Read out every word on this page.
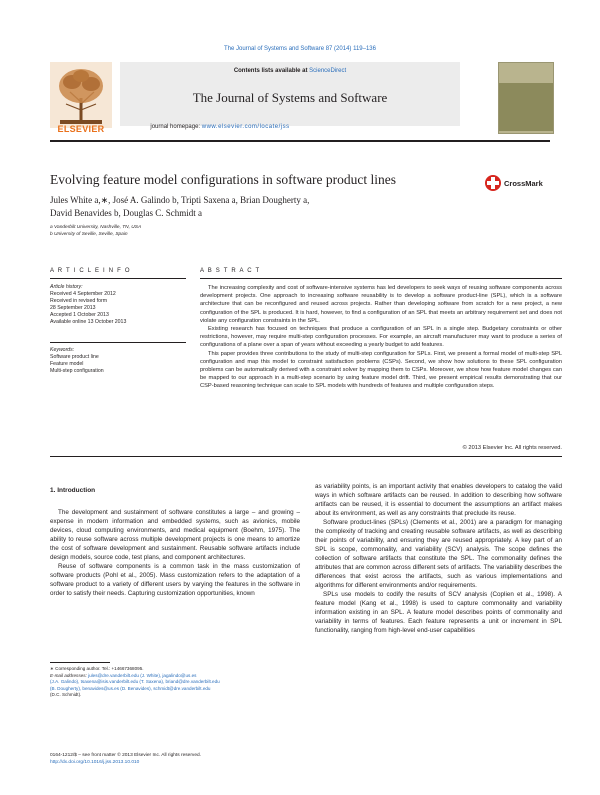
The Journal of Systems and Software 87 (2014) 119–136
ELSEVIER
Contents lists available at ScienceDirect
The Journal of Systems and Software
journal homepage: www.elsevier.com/locate/jss
Evolving feature model configurations in software product lines	CrossMark
Jules White a,∗, José A. Galindo b, Tripti Saxena a, Brian Dougherty a,
David Benavides b, Douglas C. Schmidt a
a Vanderbilt University, Nashville, TN, USA
b University of Seville, Seville, Spain
A R T I C L E I N F O	A B S T R A C T
Article history:
Received 4 September 2012
Received in revised form
28 September 2013
Accepted 1 October 2013
Available online 13 October 2013
Keywords:
Software product line
Feature model
Multi-step configuration

The increasing complexity and cost of software-intensive systems has led developers to seek ways of reusing software components across development projects. One approach to increasing software reusability is to develop a software product-line (SPL), which is a software architecture that can be reconfigured and reused across projects. Rather than developing software from scratch for a new project, a new configuration of the SPL is produced. It is hard, however, to find a configuration of an SPL that meets an arbitrary requirement set and does not violate any configuration constraints in the SPL.

Existing research has focused on techniques that produce a configuration of an SPL in a single step. Budgetary constraints or other restrictions, however, may require multi-step configuration processes. For example, an aircraft manufacturer may want to produce a series of configurations of a plane over a span of years without exceeding a yearly budget to add features.

This paper provides three contributions to the study of multi-step configuration for SPLs. First, we present a formal model of multi-step SPL configuration and map this model to constraint satisfaction problems (CSPs). Second, we show how solutions to these SPL configuration problems can be automatically derived with a constraint solver by mapping them to CSPs. Moreover, we show how feature model changes can be mapped to our approach in a multi-step scenario by using feature model drift. Third, we present empirical results demonstrating that our CSP-based reasoning technique can scale to SPL models with hundreds of features and multiple configuration steps.

© 2013 Elsevier Inc. All rights reserved.
1. Introduction

The development and sustainment of software constitutes a large – and growing – expense in modern information and embedded systems, such as avionics, mobile devices, cloud computing environments, and medical equipment (Boehm, 1975). The ability to reuse software across multiple development projects is one means to amortize the cost of software development and sustainment. Reusable software artifacts include design models, source code, test plans, and component architectures.

Reuse of software components is a common task in the mass customization of software products (Pohl et al., 2005). Mass customization refers to the adaptation of a software product to a variety of different users by varying the features in the software in order to satisfy their needs. Capturing customization opportunities, known

as variability points, is an important activity that enables developers to catalog the valid ways in which software artifacts can be reused. In addition to describing how software artifacts can be reused, it is essential to document the assumptions an artifact makes about its environment, as well as any constraints that preclude its reuse.

Software product-lines (SPLs) (Clements et al., 2001) are a paradigm for managing the complexity of tracking and creating reusable software artifacts, as well as describing their points of variability, and ensuring they are reused appropriately. A key part of an SPL is scope, commonality, and variability (SCV) analysis. The scope defines the collection of software artifacts that constitute the SPL. The commonality defines the attributes that are common across different sets of artifacts. The variability describes the differences that exist across the artifacts, such as various implementations and algorithms for different environments and/or requirements.

SPLs use models to codify the results of SCV analysis (Coplien et al., 1998). A feature model (Kang et al., 1998) is used to capture commonality and variability information existing in an SPL. A feature model describes points of commonality and variability in terms of features. Each feature represents a unit or increment in SPL functionality, ranging from high-level end-user capabilities

∗ Corresponding author. Tel.: +14667368095.
E-mail addresses: jules@dre.vanderbilt.edu (J. White), jagalindo@us.es
(J.A. Galindo), tsaxena@isis.vanderbilt.edu (T. Saxena), briand@dre.vanderbilt.edu
(B. Dougherty), benavides@us.es (D. Benavides), schmidt@dre.vanderbilt.edu
(D.C. Schmidt).
0164-1212/$ – see front matter © 2013 Elsevier Inc. All rights reserved.
http://dx.doi.org/10.1016/j.jss.2013.10.010
